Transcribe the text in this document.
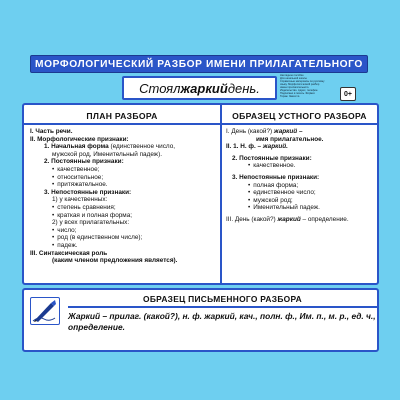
МОРФОЛОГИЧЕСКИЙ РАЗБОР ИМЕНИ ПРИЛАГАТЕЛЬНОГО
Стоял жаркий день.
Наглядное пособие
Для начальной школы
Справочные материалы по русскому
языку. Морфологический разбор
имени прилагательного.
Издательство. Адрес, телефон.
Подписано в печать. Формат.
Тираж. Заказ №.	0+
ПЛАН РАЗБОРА	ОБРАЗЕЦ УСТНОГО РАЗБОРА
I. Часть речи.
II. Морфологические признаки:
1. Начальная форма (единственное число,
мужской род, Именительный падеж).
2. Постоянные признаки:
• качественное;
• относительное;
• притяжательное.
3. Непостоянные признаки:
1) у качественных:
• степень сравнения;
• краткая и полная форма;
2) у всех прилагательных:
• число;
• род (в единственном числе);
• падеж.
III. Синтаксическая роль
(каким членом предложения является).
I. День (какой?) жаркий –
имя прилагательное.
II. 1. Н. ф. – жаркий.
2. Постоянные признаки:
• качественное.
3. Непостоянные признаки:
• полная форма;
• единственное число;
• мужской род;
• Именительный падеж.
III. День (какой?) жаркий – определение.
ОБРАЗЕЦ ПИСЬМЕННОГО РАЗБОРА
Жаркий – прилаг. (какой?), н. ф. жаркий, кач., полн. ф., Им. п., м. р., ед. ч., определение.
